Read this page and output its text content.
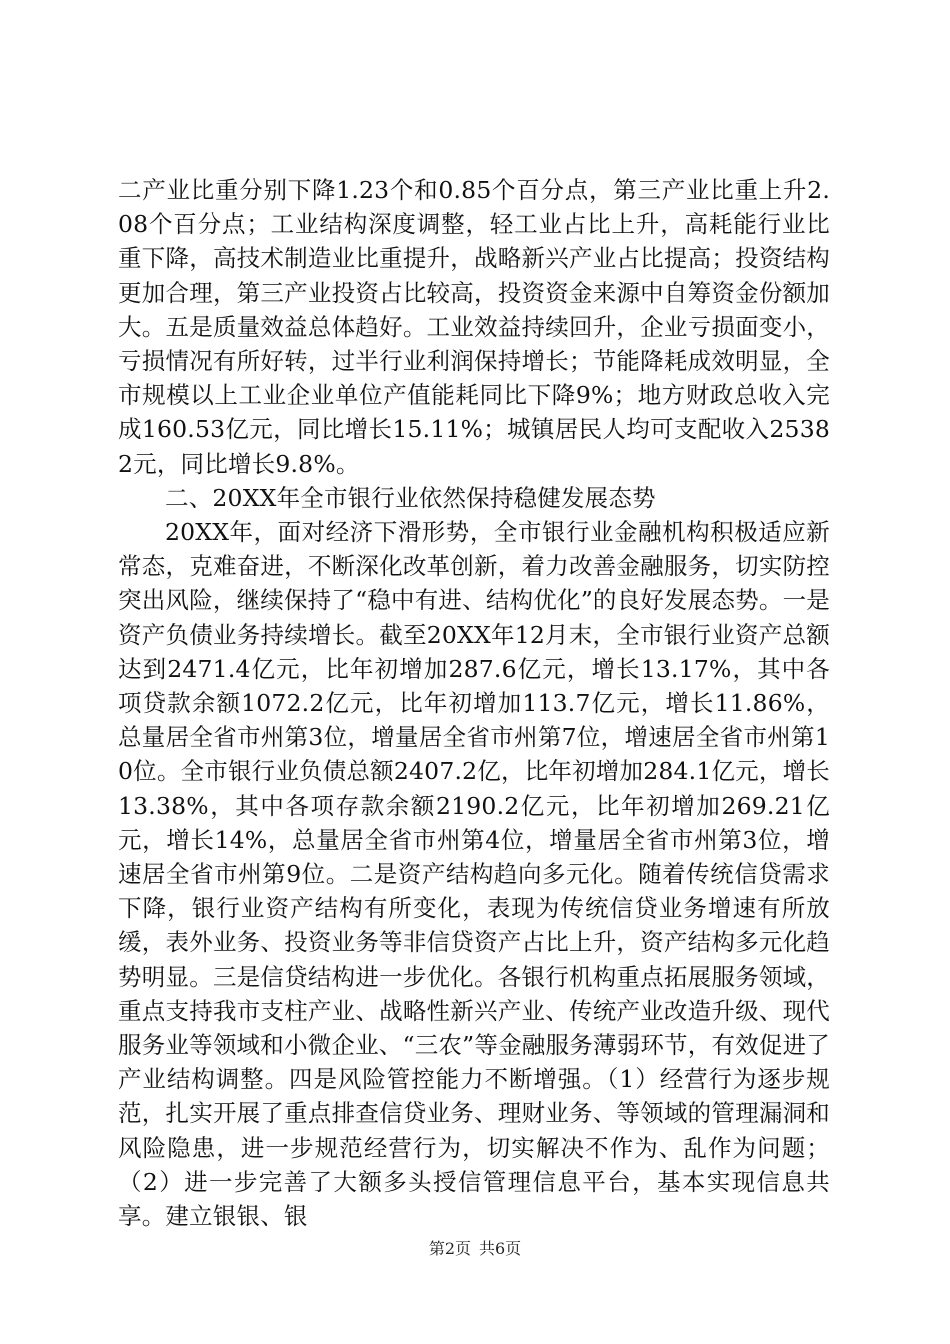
二产业比重分别下降1.23个和0.85个百分点，第三产业比重上升2.08个百分点；工业结构深度调整，轻工业占比上升，高耗能行业比重下降，高技术制造业比重提升，战略新兴产业占比提高；投资结构更加合理，第三产业投资占比较高，投资资金来源中自筹资金份额加大。五是质量效益总体趋好。工业效益持续回升，企业亏损面变小，亏损情况有所好转，过半行业利润保持增长；节能降耗成效明显，全市规模以上工业企业单位产值能耗同比下降9%；地方财政总收入完成160.53亿元，同比增长15.11%；城镇居民人均可支配收入25382元，同比增长9.8%。

二、20XX年全市银行业依然保持稳健发展态势

20XX年，面对经济下滑形势，全市银行业金融机构积极适应新常态，克难奋进，不断深化改革创新，着力改善金融服务，切实防控突出风险，继续保持了“稳中有进、结构优化”的良好发展态势。一是资产负债业务持续增长。截至20XX年12月末，全市银行业资产总额达到2471.4亿元，比年初增加287.6亿元，增长13.17%，其中各项贷款余额1072.2亿元，比年初增加113.7亿元，增长11.86%，总量居全省市州第3位，增量居全省市州第7位，增速居全省市州第10位。全市银行业负债总额2407.2亿，比年初增加284.1亿元，增长13.38%，其中各项存款余额2190.2亿元，比年初增加269.21亿元，增长14%，总量居全省市州第4位，增量居全省市州第3位，增速居全省市州第9位。二是资产结构趋向多元化。随着传统信贷需求下降，银行业资产结构有所变化，表现为传统信贷业务增速有所放缓，表外业务、投资业务等非信贷资产占比上升，资产结构多元化趋势明显。三是信贷结构进一步优化。各银行机构重点拓展服务领域，重点支持我市支柱产业、战略性新兴产业、传统产业改造升级、现代服务业等领域和小微企业、“三农”等金融服务薄弱环节，有效促进了产业结构调整。四是风险管控能力不断增强。（1）经营行为逐步规范，扎实开展了重点排查信贷业务、理财业务、等领域的管理漏洞和风险隐患，进一步规范经营行为，切实解决不作为、乱作为问题；（2）进一步完善了大额多头授信管理信息平台，基本实现信息共享。建立银银、银

第2页 共6页
